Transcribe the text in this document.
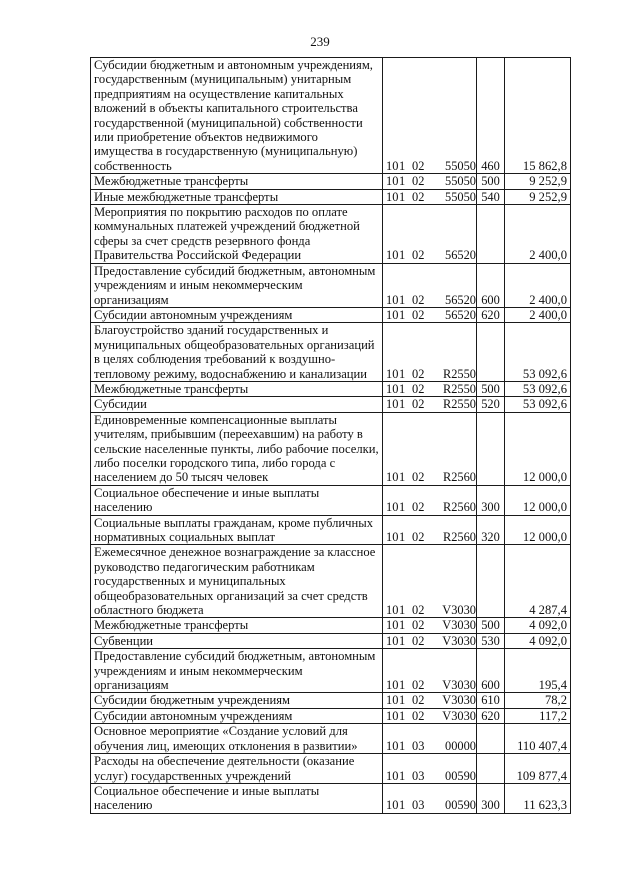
239
Субсидии бюджетным и автономным учреждениям, государственным (муниципальным) унитарным предприятиям на осуществление капитальных вложений в объекты капитального строительства государственной (муниципальной) собственности или приобретение объектов недвижимого имущества в государственную (муниципальную) собственность	101 02 55050	460	15 862,8
Межбюджетные трансферты	101 02 55050	500	9 252,9
Иные межбюджетные трансферты	101 02 55050	540	9 252,9
Мероприятия по покрытию расходов по оплате коммунальных платежей учреждений бюджетной сферы за счет средств резервного фонда Правительства Российской Федерации	101 02 56520		2 400,0
Предоставление субсидий бюджетным, автономным учреждениям и иным некоммерческим организациям	101 02 56520	600	2 400,0
Субсидии автономным учреждениям	101 02 56520	620	2 400,0
Благоустройство зданий государственных и муниципальных общеобразовательных организаций в целях соблюдения требований к воздушно-тепловому режиму, водоснабжению и канализации	101 02 R2550		53 092,6
Межбюджетные трансферты	101 02 R2550	500	53 092,6
Субсидии	101 02 R2550	520	53 092,6
Единовременные компенсационные выплаты учителям, прибывшим (переехавшим) на работу в сельские населенные пункты, либо рабочие поселки, либо поселки городского типа, либо города с населением до 50 тысяч человек	101 02 R2560		12 000,0
Социальное обеспечение и иные выплаты населению	101 02 R2560	300	12 000,0
Социальные выплаты гражданам, кроме публичных нормативных социальных выплат	101 02 R2560	320	12 000,0
Ежемесячное денежное вознаграждение за классное руководство педагогическим работникам государственных и муниципальных общеобразовательных организаций за счет средств областного бюджета	101 02 V3030		4 287,4
Межбюджетные трансферты	101 02 V3030	500	4 092,0
Субвенции	101 02 V3030	530	4 092,0
Предоставление субсидий бюджетным, автономным учреждениям и иным некоммерческим организациям	101 02 V3030	600	195,4
Субсидии бюджетным учреждениям	101 02 V3030	610	78,2
Субсидии автономным учреждениям	101 02 V3030	620	117,2
Основное мероприятие «Создание условий для обучения лиц, имеющих отклонения в развитии»	101 03 00000		110 407,4
Расходы на обеспечение деятельности (оказание услуг) государственных учреждений	101 03 00590		109 877,4
Социальное обеспечение и иные выплаты населению	101 03 00590	300	11 623,3
